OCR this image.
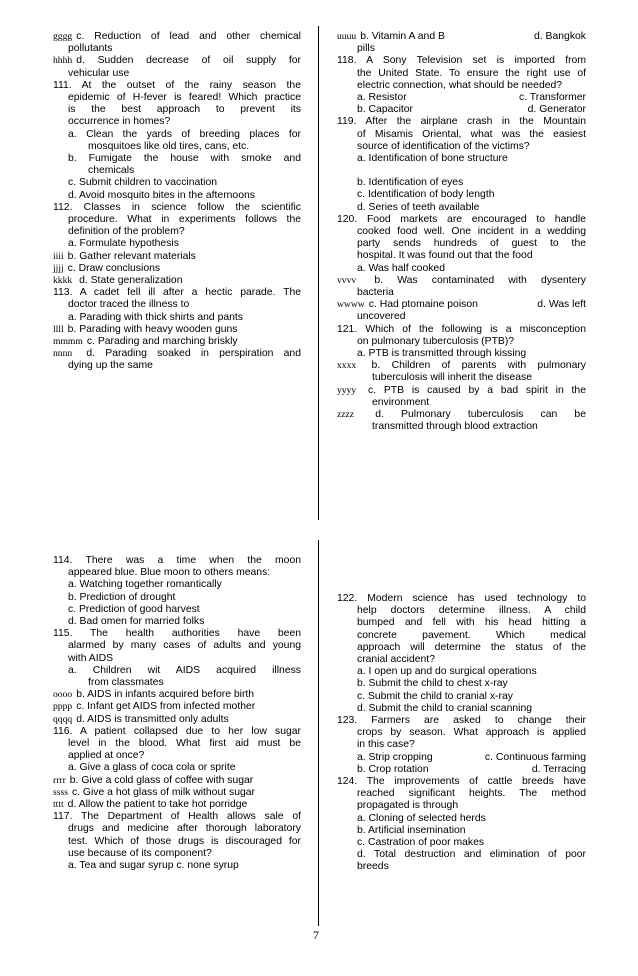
gggg c. Reduction of lead and other chemical
pollutants
hhhh d. Sudden decrease of oil supply for
vehicular use
111. At the outset of the rainy season the
epidemic of H-fever is feared! Which practice
is the best approach to prevent its
occurrence in homes?
a. Clean the yards of breeding places for
mosquitoes like old tires, cans, etc.
b. Fumigate the house with smoke and
chemicals
c. Submit children to vaccination
d. Avoid mosquito bites in the afternoons
112. Classes in science follow the scientific
procedure. What in experiments follows the
definition of the problem?
a. Formulate hypothesis
iiii b. Gather relevant materials
jjjj c. Draw conclusions
kkkk d. State generalization
113. A cadet fell ill after a hectic parade. The
doctor traced the illness to
a. Parading with thick shirts and pants
llll b. Parading with heavy wooden guns
mmmm c. Parading and marching briskly
nnnn d. Parading soaked in perspiration and
dying up the same
uuuu b. Vitamin A and B	d. Bangkok
pills
118. A Sony Television set is imported from
the United State. To ensure the right use of
electric connection, what should be needed?
a. Resistor	c. Transformer
b. Capacitor	d. Generator
119. After the airplane crash in the Mountain
of Misamis Oriental, what was the easiest
source of identification of the victims?
a. Identification of bone structure
b. Identification of eyes
c. Identification of body length
d. Series of teeth available
120. Food markets are encouraged to handle
cooked food well. One incident in a wedding
party sends hundreds of guest to the
hospital. It was found out that the food
a. Was half cooked
vvvv b. Was contaminated with dysentery
bacteria
wwww c. Had ptomaine poison	d. Was left
uncovered
121. Which of the following is a misconception
on pulmonary tuberculosis (PTB)?
a. PTB is transmitted through kissing
xxxx b. Children of parents with pulmonary
tuberculosis will inherit the disease
yyyy c. PTB is caused by a bad spirit in the
environment
zzzz d. Pulmonary tuberculosis can be
transmitted through blood extraction
114. There was a time when the moon
appeared blue. Blue moon to others means:
a. Watching together romantically
b. Prediction of drought
c. Prediction of good harvest
d. Bad omen for married folks
115. The health authorities have been
alarmed by many cases of adults and young
with AIDS
a. Children wit AIDS acquired illness
from classmates
oooo b. AIDS in infants acquired before birth
pppp c. Infant get AIDS from infected mother
qqqq d. AIDS is transmitted only adults
116. A patient collapsed due to her low sugar
level in the blood. What first aid must be
applied at once?
a. Give a glass of coca cola or sprite
rrrr b. Give a cold glass of coffee with sugar
ssss c. Give a hot glass of milk without sugar
tttt d. Allow the patient to take hot porridge
117. The Department of Health allows sale of
drugs and medicine after thorough laboratory
test. Which of those drugs is discouraged for
use because of its component?
a. Tea and sugar syrup c. none syrup
122. Modern science has used technology to
help doctors determine illness. A child
bumped and fell with his head hitting a
concrete pavement. Which medical
approach will determine the status of the
cranial accident?
a. I open up and do surgical operations
b. Submit the child to chest x-ray
c. Submit the child to cranial x-ray
d. Submit the child to cranial scanning
123. Farmers are asked to change their
crops by season. What approach is applied
in this case?
a. Strip cropping	c. Continuous farming
b. Crop rotation	d. Terracing
124. The improvements of cattle breeds have
reached significant heights. The method
propagated is through
a. Cloning of selected herds
b. Artificial insemination
c. Castration of poor makes
d. Total destruction and elimination of poor
breeds
7
